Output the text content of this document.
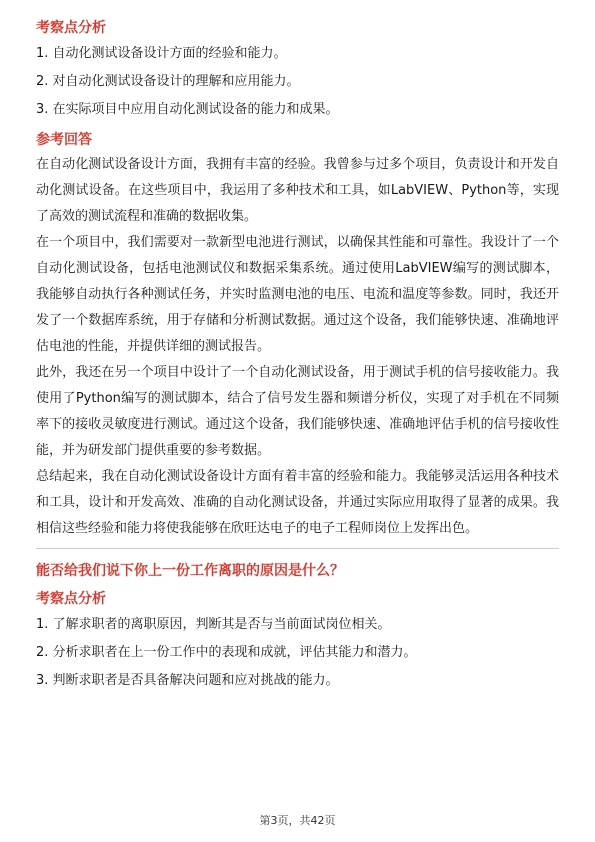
考察点分析
1. 自动化测试设备设计方面的经验和能力。
2. 对自动化测试设备设计的理解和应用能力。
3. 在实际项目中应用自动化测试设备的能力和成果。
参考回答

在自动化测试设备设计方面，我拥有丰富的经验。我曾参与过多个项目，负责设计和开发自动化测试设备。在这些项目中，我运用了多种技术和工具，如LabVIEW、Python等，实现了高效的测试流程和准确的数据收集。

在一个项目中，我们需要对一款新型电池进行测试，以确保其性能和可靠性。我设计了一个自动化测试设备，包括电池测试仪和数据采集系统。通过使用LabVIEW编写的测试脚本，我能够自动执行各种测试任务，并实时监测电池的电压、电流和温度等参数。同时，我还开发了一个数据库系统，用于存储和分析测试数据。通过这个设备，我们能够快速、准确地评估电池的性能，并提供详细的测试报告。

此外，我还在另一个项目中设计了一个自动化测试设备，用于测试手机的信号接收能力。我使用了Python编写的测试脚本，结合了信号发生器和频谱分析仪，实现了对手机在不同频率下的接收灵敏度进行测试。通过这个设备，我们能够快速、准确地评估手机的信号接收性能，并为研发部门提供重要的参考数据。

总结起来，我在自动化测试设备设计方面有着丰富的经验和能力。我能够灵活运用各种技术和工具，设计和开发高效、准确的自动化测试设备，并通过实际应用取得了显著的成果。我相信这些经验和能力将使我能够在欣旺达电子的电子工程师岗位上发挥出色。

能否给我们说下你上一份工作离职的原因是什么？
考察点分析
1. 了解求职者的离职原因，判断其是否与当前面试岗位相关。
2. 分析求职者在上一份工作中的表现和成就，评估其能力和潜力。
3. 判断求职者是否具备解决问题和应对挑战的能力。
第3页，共42页
